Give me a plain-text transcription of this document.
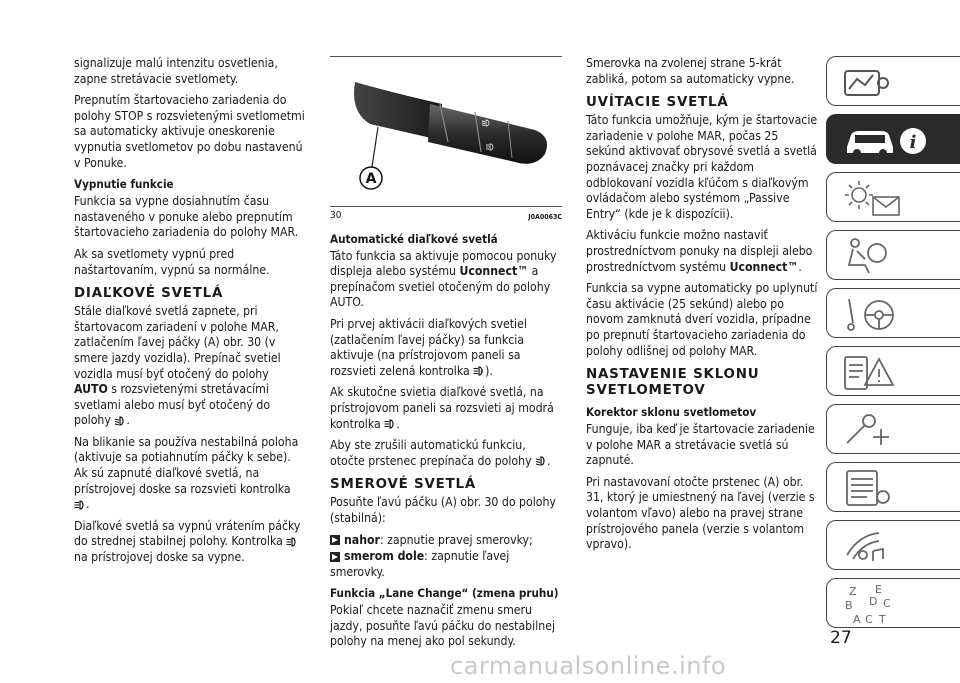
signalizuje malú intenzitu osvetlenia, zapne stretávacie svetlomety.

Prepnutím štartovacieho zariadenia do polohy STOP s rozsvietenými svetlometmi sa automaticky aktivuje oneskorenie vypnutia svetlometov po dobu nastavenú v Ponuke.

Vypnutie funkcie

Funkcia sa vypne dosiahnutím času nastaveného v ponuke alebo prepnutím štartovacieho zariadenia do polohy MAR.

Ak sa svetlomety vypnú pred naštartovaním, vypnú sa normálne.

DIAĽKOVÉ SVETLÁ

Stále diaľkové svetlá zapnete, pri štartovacom zariadení v polohe MAR, zatlačením ľavej páčky (A) obr. 30 (v smere jazdy vozidla). Prepínač svetiel vozidla musí byť otočený do polohy AUTO s rozsvietenými stretávacími svetlami alebo musí byť otočený do polohy .

Na blikanie sa používa nestabilná poloha (aktivuje sa potiahnutím páčky k sebe). Ak sú zapnuté diaľkové svetlá, na prístrojovej doske sa rozsvieti kontrolka .

Diaľkové svetlá sa vypnú vrátením páčky do strednej stabilnej polohy. Kontrolka  na prístrojovej doske sa vypne.

A
30	J0A0063C
Automatické diaľkové svetlá

Táto funkcia sa aktivuje pomocou ponuky displeja alebo systému Uconnect™ a prepínačom svetiel otočeným do polohy AUTO.

Pri prvej aktivácii diaľkových svetiel (zatlačením ľavej páčky) sa funkcia aktivuje (na prístrojovom paneli sa rozsvieti zelená kontrolka A ).

Ak skutočne svietia diaľkové svetlá, na prístrojovom paneli sa rozsvieti aj modrá kontrolka .

Aby ste zrušili automatickú funkciu, otočte prstenec prepínača do polohy .

SMEROVÉ SVETLÁ

Posuňte ľavú páčku (A) obr. 30 do polohy (stabilná):

nahor: zapnutie pravej smerovky;
smerom dole: zapnutie ľavej smerovky.
Funkcia „Lane Change“ (zmena pruhu)

Pokiaľ chcete naznačiť zmenu smeru jazdy, posuňte ľavú páčku do nestabilnej polohy na menej ako pol sekundy.

Smerovka na zvolenej strane 5-krát zabliká, potom sa automaticky vypne.

UVÍTACIE SVETLÁ

Táto funkcia umožňuje, kým je štartovacie zariadenie v polohe MAR, počas 25 sekúnd aktivovať obrysové svetlá a svetlá poznávacej značky pri každom odblokovaní vozidla kľúčom s diaľkovým ovládačom alebo systémom „Passive Entry“ (kde je k dispozícii).

Aktiváciu funkcie možno nastaviť prostredníctvom ponuky na displeji alebo prostredníctvom systému Uconnect™.

Funkcia sa vypne automaticky po uplynutí času aktivácie (25 sekúnd) alebo po novom zamknutá dverí vozidla, prípadne po prepnutí štartovacieho zariadenia do polohy odlišnej od polohy MAR.

NASTAVENIE SKLONU SVETLOMETOV
Korektor sklonu svetlometov

Funguje, iba keď je štartovacie zariadenie v polohe MAR a stretávacie svetlá sú zapnuté.

Pri nastavovaní otočte prstenec (A) obr. 31, ktorý je umiestnený na ľavej (verzie s volantom vľavo) alebo na pravej strane prístrojového panela (verzie s volantom vpravo).

i
Z E
B	C
D
A C T
27
carmanualsonline.info
